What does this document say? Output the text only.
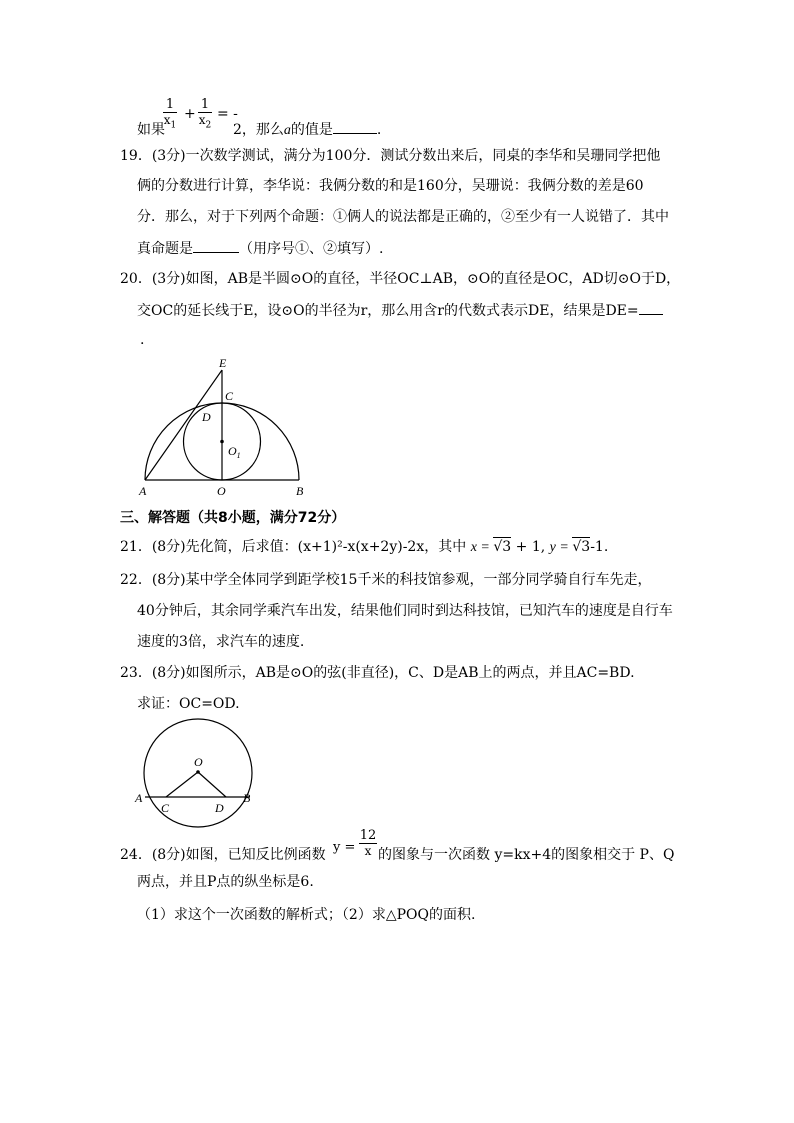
$\frac{1}{x_1} + \frac{1}{x_2}$ = -
如果	2，那么a的值是	.
19．(3分)一次数学测试，满分为100分．测试分数出来后，同桌的李华和吴珊同学把他
俩的分数进行计算，李华说：我俩分数的和是160分，吴珊说：我俩分数的差是60
分．那么，对于下列两个命题：①俩人的说法都是正确的，②至少有一人说错了．其中
真命题是	（用序号①、②填写）.
20．(3分)如图，AB是半圆⊙O的直径，半径OC⊥AB，⊙O的直径是OC，AD切⊙O于D，
交OC的延长线于E，设⊙O的半径为r，那么用含r的代数式表示DE，结果是DE=
.
E
C
D
$O_1$
A	O	B
三、解答题（共8小题，满分72分）
21．(8分)先化简，后求值：(x+1)²-x(x+2y)-2x，其中 x = √3 + 1, y = √3-1.
22．(8分)某中学全体同学到距学校15千米的科技馆参观，一部分同学骑自行车先走，
40分钟后，其余同学乘汽车出发，结果他们同时到达科技馆，已知汽车的速度是自行车
速度的3倍，求汽车的速度.
23．(8分)如图所示，AB是⊙O的弦(非直径)，C、D是AB上的两点，并且AC=BD.
求证：OC=OD.
O
A
C	D
B
24．(8分)如图，已知反比例函数 $y = \frac{12}{x}$ 的图象与一次函数 y=kx+4的图象相交于 P、Q
两点，并且P点的纵坐标是6.
（1）求这个一次函数的解析式；（2）求△POQ的面积.
